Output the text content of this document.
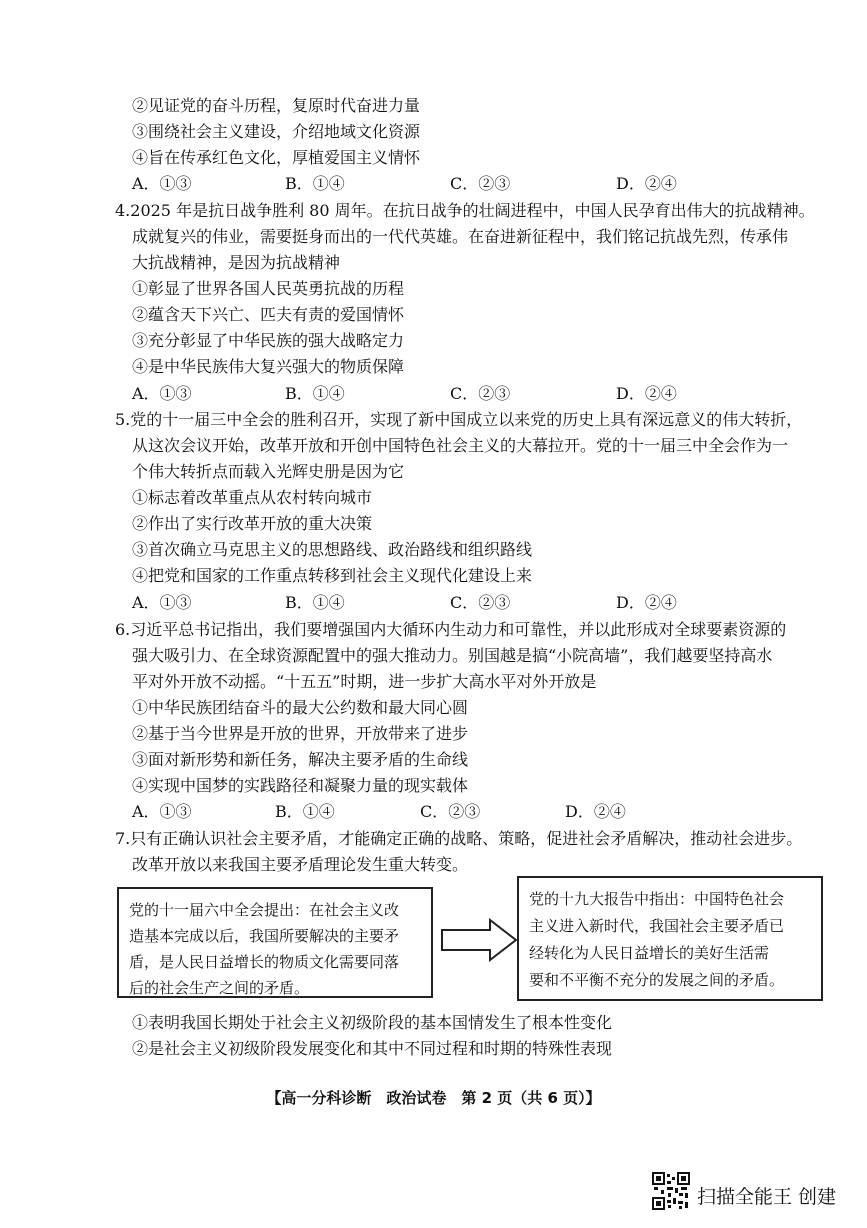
②见证党的奋斗历程，复原时代奋进力量
③围绕社会主义建设，介绍地域文化资源
④旨在传承红色文化，厚植爱国主义情怀
A．①③	B．①④	C．②③	D．②④
4.2025 年是抗日战争胜利 80 周年。在抗日战争的壮阔进程中，中国人民孕育出伟大的抗战精神。
成就复兴的伟业，需要挺身而出的一代代英雄。在奋进新征程中，我们铭记抗战先烈，传承伟
大抗战精神，是因为抗战精神
①彰显了世界各国人民英勇抗战的历程
②蕴含天下兴亡、匹夫有责的爱国情怀
③充分彰显了中华民族的强大战略定力
④是中华民族伟大复兴强大的物质保障
A．①③	B．①④	C．②③	D．②④
5.党的十一届三中全会的胜利召开，实现了新中国成立以来党的历史上具有深远意义的伟大转折，
从这次会议开始，改革开放和开创中国特色社会主义的大幕拉开。党的十一届三中全会作为一
个伟大转折点而载入光辉史册是因为它
①标志着改革重点从农村转向城市
②作出了实行改革开放的重大决策
③首次确立马克思主义的思想路线、政治路线和组织路线
④把党和国家的工作重点转移到社会主义现代化建设上来
A．①③	B．①④	C．②③	D．②④
6.习近平总书记指出，我们要增强国内大循环内生动力和可靠性，并以此形成对全球要素资源的
强大吸引力、在全球资源配置中的强大推动力。别国越是搞“小院高墙”，我们越要坚持高水
平对外开放不动摇。“十五五”时期，进一步扩大高水平对外开放是
①中华民族团结奋斗的最大公约数和最大同心圆
②基于当今世界是开放的世界，开放带来了进步
③面对新形势和新任务，解决主要矛盾的生命线
④实现中国梦的实践路径和凝聚力量的现实载体
A．①③	B．①④	C．②③	D．②④
7.只有正确认识社会主要矛盾，才能确定正确的战略、策略，促进社会矛盾解决，推动社会进步。
改革开放以来我国主要矛盾理论发生重大转变。
党的十一届六中全会提出：在社会主义改
造基本完成以后，我国所要解决的主要矛
盾，是人民日益增长的物质文化需要同落
后的社会生产之间的矛盾。
党的十九大报告中指出：中国特色社会
主义进入新时代，我国社会主要矛盾已
经转化为人民日益增长的美好生活需
要和不平衡不充分的发展之间的矛盾。
①表明我国长期处于社会主义初级阶段的基本国情发生了根本性变化
②是社会主义初级阶段发展变化和其中不同过程和时期的特殊性表现
【高一分科诊断　政治试卷　第 2 页（共 6 页）】
扫描全能王 创建
